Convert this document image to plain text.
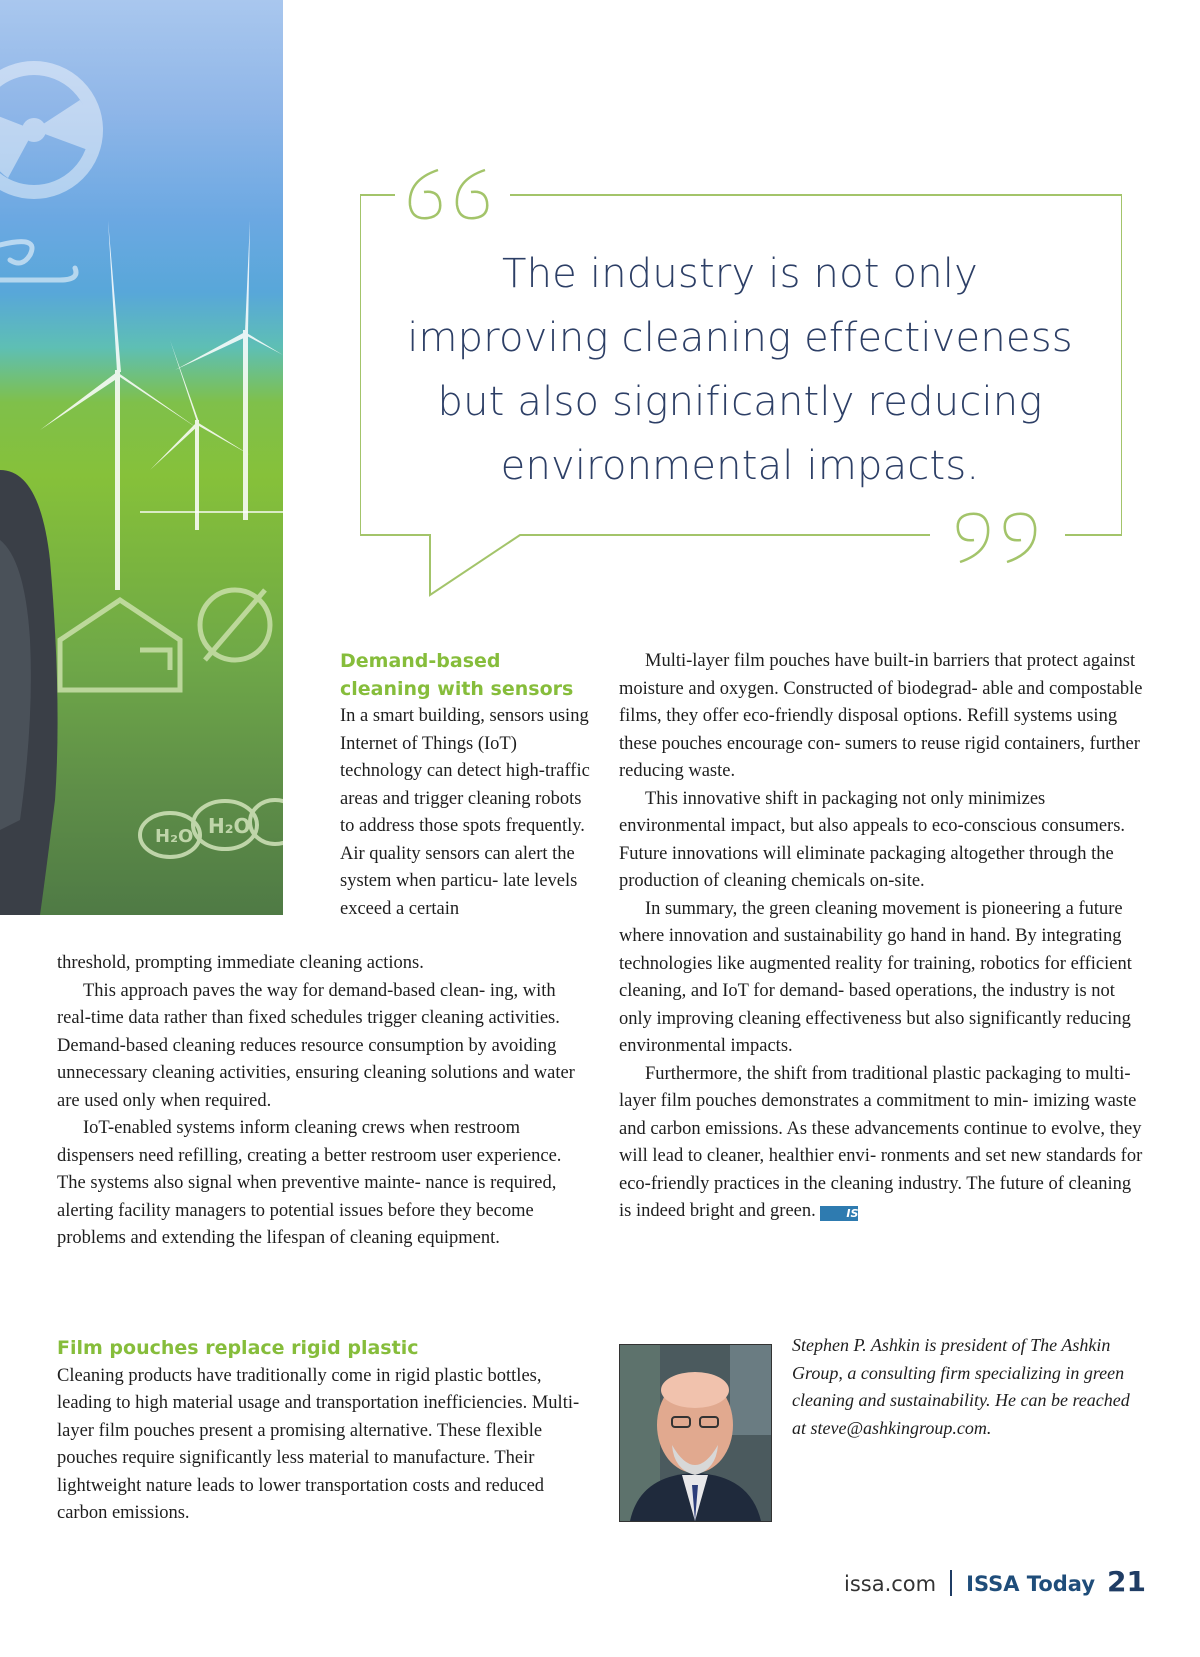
H₂O H₂O
The industry is not only improving cleaning effectiveness but also significantly reducing environmental impacts.
Demand-based
cleaning with sensors

In a smart building, sensors using Internet of Things (IoT) technology can detect high-traffic areas and trigger cleaning robots to address those spots frequently. Air quality sensors can alert the system when particu- late levels exceed a certain

threshold, prompting immediate cleaning actions.

This approach paves the way for demand-based clean- ing, with real-time data rather than fixed schedules trigger cleaning activities. Demand-based cleaning reduces resource consumption by avoiding unnecessary cleaning activities, ensuring cleaning solutions and water are used only when required.

IoT-enabled systems inform cleaning crews when restroom dispensers need refilling, creating a better restroom user experience. The systems also signal when preventive mainte- nance is required, alerting facility managers to potential issues before they become problems and extending the lifespan of cleaning equipment.

Film pouches replace rigid plastic

Cleaning products have traditionally come in rigid plastic bottles, leading to high material usage and transportation inefficiencies. Multi-layer film pouches present a promising alternative. These flexible pouches require significantly less material to manufacture. Their lightweight nature leads to lower transportation costs and reduced carbon emissions.

Multi-layer film pouches have built-in barriers that protect against moisture and oxygen. Constructed of biodegrad- able and compostable films, they offer eco-friendly disposal options. Refill systems using these pouches encourage con- sumers to reuse rigid containers, further reducing waste.

This innovative shift in packaging not only minimizes environmental impact, but also appeals to eco-conscious consumers. Future innovations will eliminate packaging altogether through the production of cleaning chemicals on-site.

In summary, the green cleaning movement is pioneering a future where innovation and sustainability go hand in hand. By integrating technologies like augmented reality for training, robotics for efficient cleaning, and IoT for demand- based operations, the industry is not only improving cleaning effectiveness but also significantly reducing environmental impacts.

Furthermore, the shift from traditional plastic packaging to multi-layer film pouches demonstrates a commitment to min- imizing waste and carbon emissions. As these advancements continue to evolve, they will lead to cleaner, healthier envi- ronments and set new standards for eco-friendly practices in the cleaning industry. The future of cleaning is indeed bright and green.	ISSA

Stephen P. Ashkin is president of The Ashkin Group, a consulting firm specializing in green cleaning and sustainability. He can be reached at steve@ashkingroup.com.
issa.com ISSA Today 21
